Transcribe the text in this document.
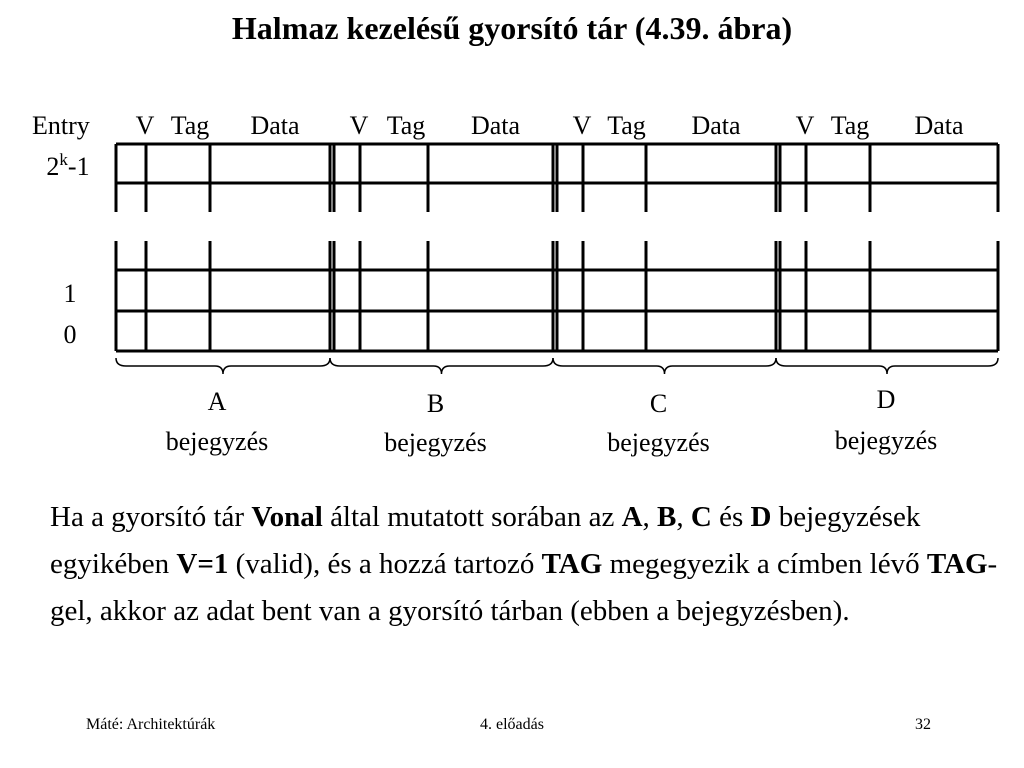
Halmaz kezelésű gyorsító tár (4.39. ábra)
Entry V Tag Data V Tag Data V Tag Data V Tag Data
2$^k$-1
1
0
A
bejegyzés
B
bejegyzés
C
bejegyzés
D
bejegyzés
Ha a gyorsító tár Vonal által mutatott sorában az A, B, C és D bejegyzések egyikében V=1 (valid), és a hozzá tartozó TAG megegyezik a címben lévő TAG-gel, akkor az adat bent van a gyorsító tárban (ebben a bejegyzésben).
Máté: Architektúrák	4. előadás	32
